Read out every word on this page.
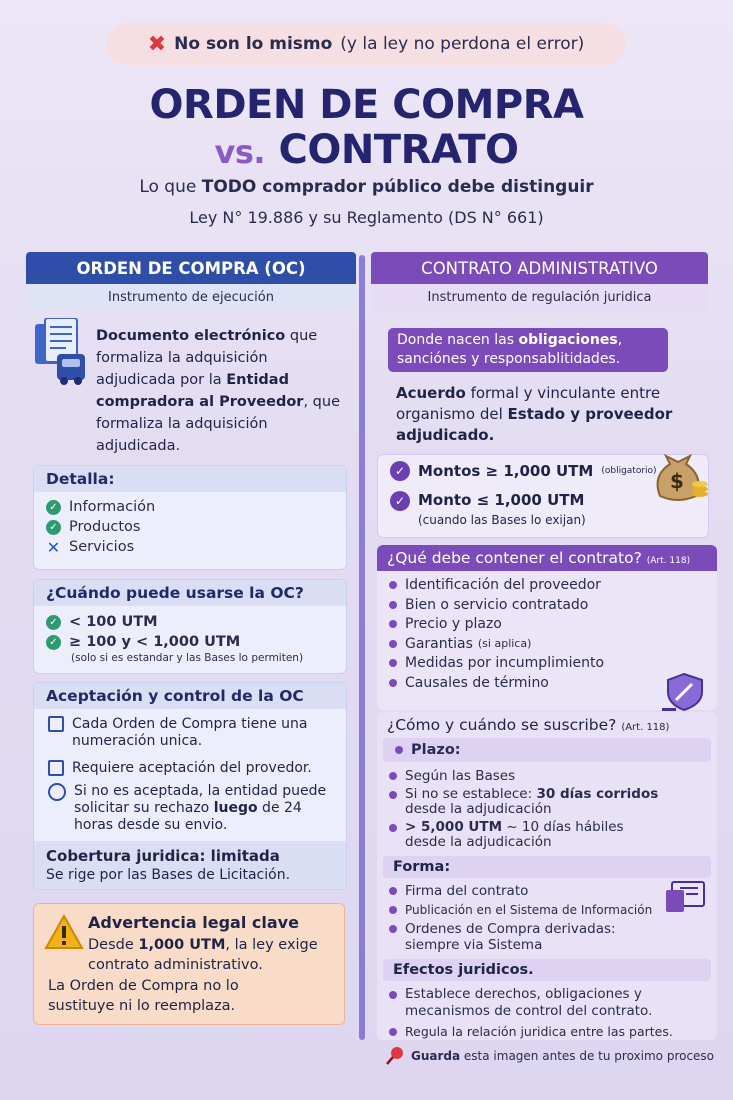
✖ No son lo mismo (y la ley no perdona el error)
ORDEN DE COMPRA
vs. CONTRATO
Lo que TODO comprador público debe distinguir
Ley N° 19.886 y su Reglamento (DS N° 661)
ORDEN DE COMPRA (OC)
Instrumento de ejecución
Documento electrónico que formaliza la adquisición adjudicada por la Entidad compradora al Proveedor, que formaliza la adquisición adjudicada.
Detalla:
✓ Información
✓ Productos
✕ Servicios
¿Cuándo puede usarse la OC?
✓ < 100 UTM
✓ ≥ 100 y < 1,000 UTM
(solo si es estandar y las Bases lo permiten)
Aceptación y control de la OC
Cada Orden de Compra tiene una numeración unica.
Requiere aceptación del provedor.
Si no es aceptada, la entidad puede solicitar su rechazo luego de 24 horas desde su envio.
Cobertura juridica: limitada
Se rige por las Bases de Licitación.
Advertencia legal clave
Desde 1,000 UTM, la ley exige contrato administrativo.
La Orden de Compra no lo sustituye ni lo reemplaza.
CONTRATO ADMINISTRATIVO
Instrumento de regulación juridica
Donde nacen las obligaciones, sanciónes y responsablitidades.
Acuerdo formal y vinculante entre organismo del Estado y proveedor adjudicado.
✓ Montos ≥ 1,000 UTM (obligatorio)
✓ Monto ≤ 1,000 UTM
(cuando las Bases lo exijan)
$
¿Qué debe contener el contrato? (Art. 118)
Identificación del proveedor
Bien o servicio contratado
Precio y plazo
Garantias (si aplica)
Medidas por incumplimiento
Causales de término
¿Cómo y cuándo se suscribe? (Art. 118)
Plazo:
Según las Bases
Si no se establece: 30 días corridos
desde la adjudicación
> 5,000 UTM ~ 10 días hábiles
desde la adjudicación
Forma:
Firma del contrato
Publicación en el Sistema de Información
Ordenes de Compra derivadas: siempre via Sistema
Efectos juridicos.
Establece derechos, obligaciones y mecanismos de control del contrato.
Regula la relación juridica entre las partes.
Guarda esta imagen antes de tu proximo proceso
